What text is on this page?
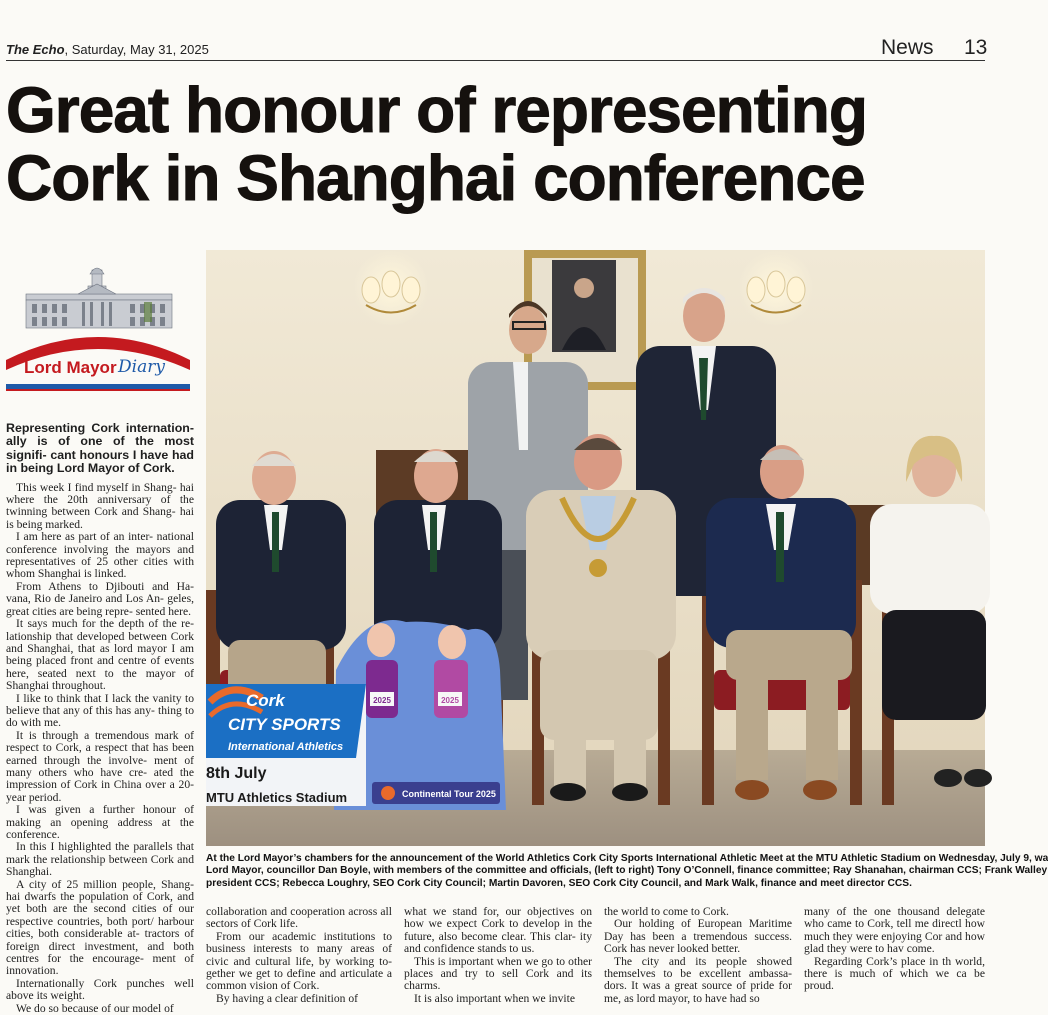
The Echo, Saturday, May 31, 2025	News 13
Great honour of representing
Cork in Shanghai conference
Lord Mayor Diary

Representing Cork internation- ally is of one of the most signifi- cant honours I have had in being Lord Mayor of Cork.

This week I find myself in Shang- hai where the 20th anniversary of the twinning between Cork and Shang- hai is being marked.

I am here as part of an inter- national conference involving the mayors and representatives of 25 other cities with whom Shanghai is linked.

From Athens to Djibouti and Ha- vana, Rio de Janeiro and Los An- geles, great cities are being repre- sented here.

It says much for the depth of the re- lationship that developed between Cork and Shanghai, that as lord mayor I am being placed front and centre of events here, seated next to the mayor of Shanghai throughout.

I like to think that I lack the vanity to believe that any of this has any- thing to do with me.

It is through a tremendous mark of respect to Cork, a respect that has been earned through the involve- ment of many others who have cre- ated the impression of Cork in China over a 20-year period.

I was given a further honour of making an opening address at the conference.

In this I highlighted the parallels that mark the relationship between Cork and Shanghai.

A city of 25 million people, Shang- hai dwarfs the population of Cork, and yet both are the second cities of our respective countries, both port/ harbour cities, both considerable at- tractors of foreign direct investment, and both centres for the encourage- ment of innovation.

Internationally Cork punches well above its weight.

We do so because of our model of

2025	2025
Cork
CITY SPORTS
International Athletics
8th July
MTU Athletics Stadium	Continental Tour 2025
At the Lord Mayor’s chambers for the announcement of the World Athletics Cork City Sports International Athletic Meet at the MTU Athletic Stadium on Wednesday, July 9, wa
Lord Mayor, councillor Dan Boyle, with members of the committee and officials, (left to right) Tony O’Connell, finance committee; Ray Shanahan, chairman CCS; Frank Walley
president CCS; Rebecca Loughry, SEO Cork City Council; Martin Davoren, SEO Cork City Council, and Mark Walk, finance and meet director CCS.

collaboration and cooperation across all sectors of Cork life.

From our academic institutions to business interests to many areas of civic and cultural life, by working to- gether we get to define and articulate a common vision of Cork.

By having a clear definition of

what we stand for, our objectives on how we expect Cork to develop in the future, also become clear. This clar- ity and confidence stands to us.

This is important when we go to other places and try to sell Cork and its charms.

It is also important when we invite

the world to come to Cork.

Our holding of European Maritime Day has been a tremendous success. Cork has never looked better.

The city and its people showed themselves to be excellent ambassa- dors. It was a great source of pride for me, as lord mayor, to have had so

many of the one thousand delegate who came to Cork, tell me directl how much they were enjoying Cor and how glad they were to hav come.

Regarding Cork’s place in th world, there is much of which we ca be proud.
